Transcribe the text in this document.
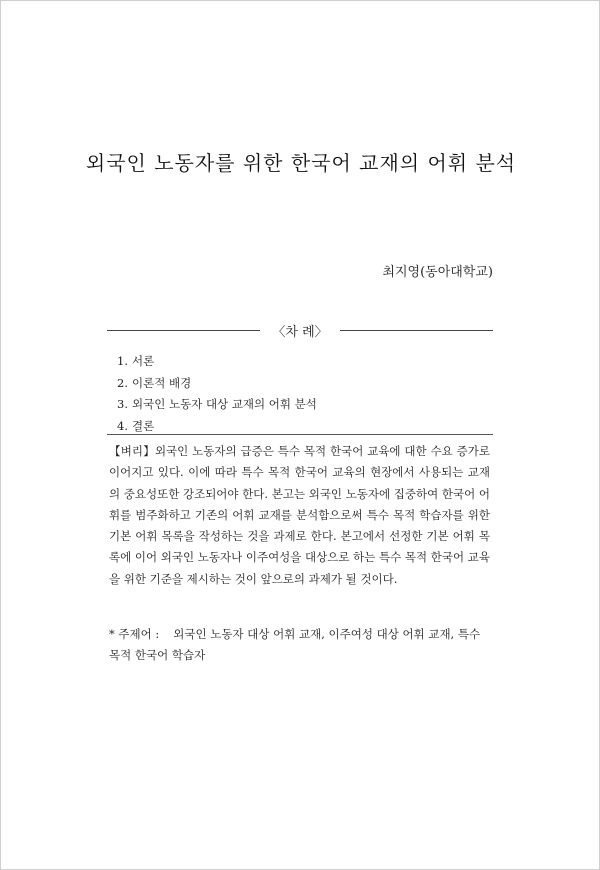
외국인 노동자를 위한 한국어 교재의 어휘 분석
최지영(동아대학교)
〈차 례〉
1. 서론
2. 이론적 배경
3. 외국인 노동자 대상 교재의 어휘 분석
4. 결론

【벼리】외국인 노동자의 급증은 특수 목적 한국어 교육에 대한 수요 증가로 이어지고 있다. 이에 따라 특수 목적 한국어 교육의 현장에서 사용되는 교재의 중요성또한 강조되어야 한다. 본고는 외국인 노동자에 집중하여 한국어 어휘를 범주화하고 기존의 어휘 교재를 분석함으로써 특수 목적 학습자를 위한 기본 어휘 목록을 작성하는 것을 과제로 한다. 본고에서 선정한 기본 어휘 목록에 이어 외국인 노동자나 이주여성을 대상으로 하는 특수 목적 한국어 교육을 위한 기준을 제시하는 것이 앞으로의 과제가 될 것이다.

* 주제어 : 외국인 노동자 대상 어휘 교재, 이주여성 대상 어휘 교재, 특수 목적 한국어 학습자
